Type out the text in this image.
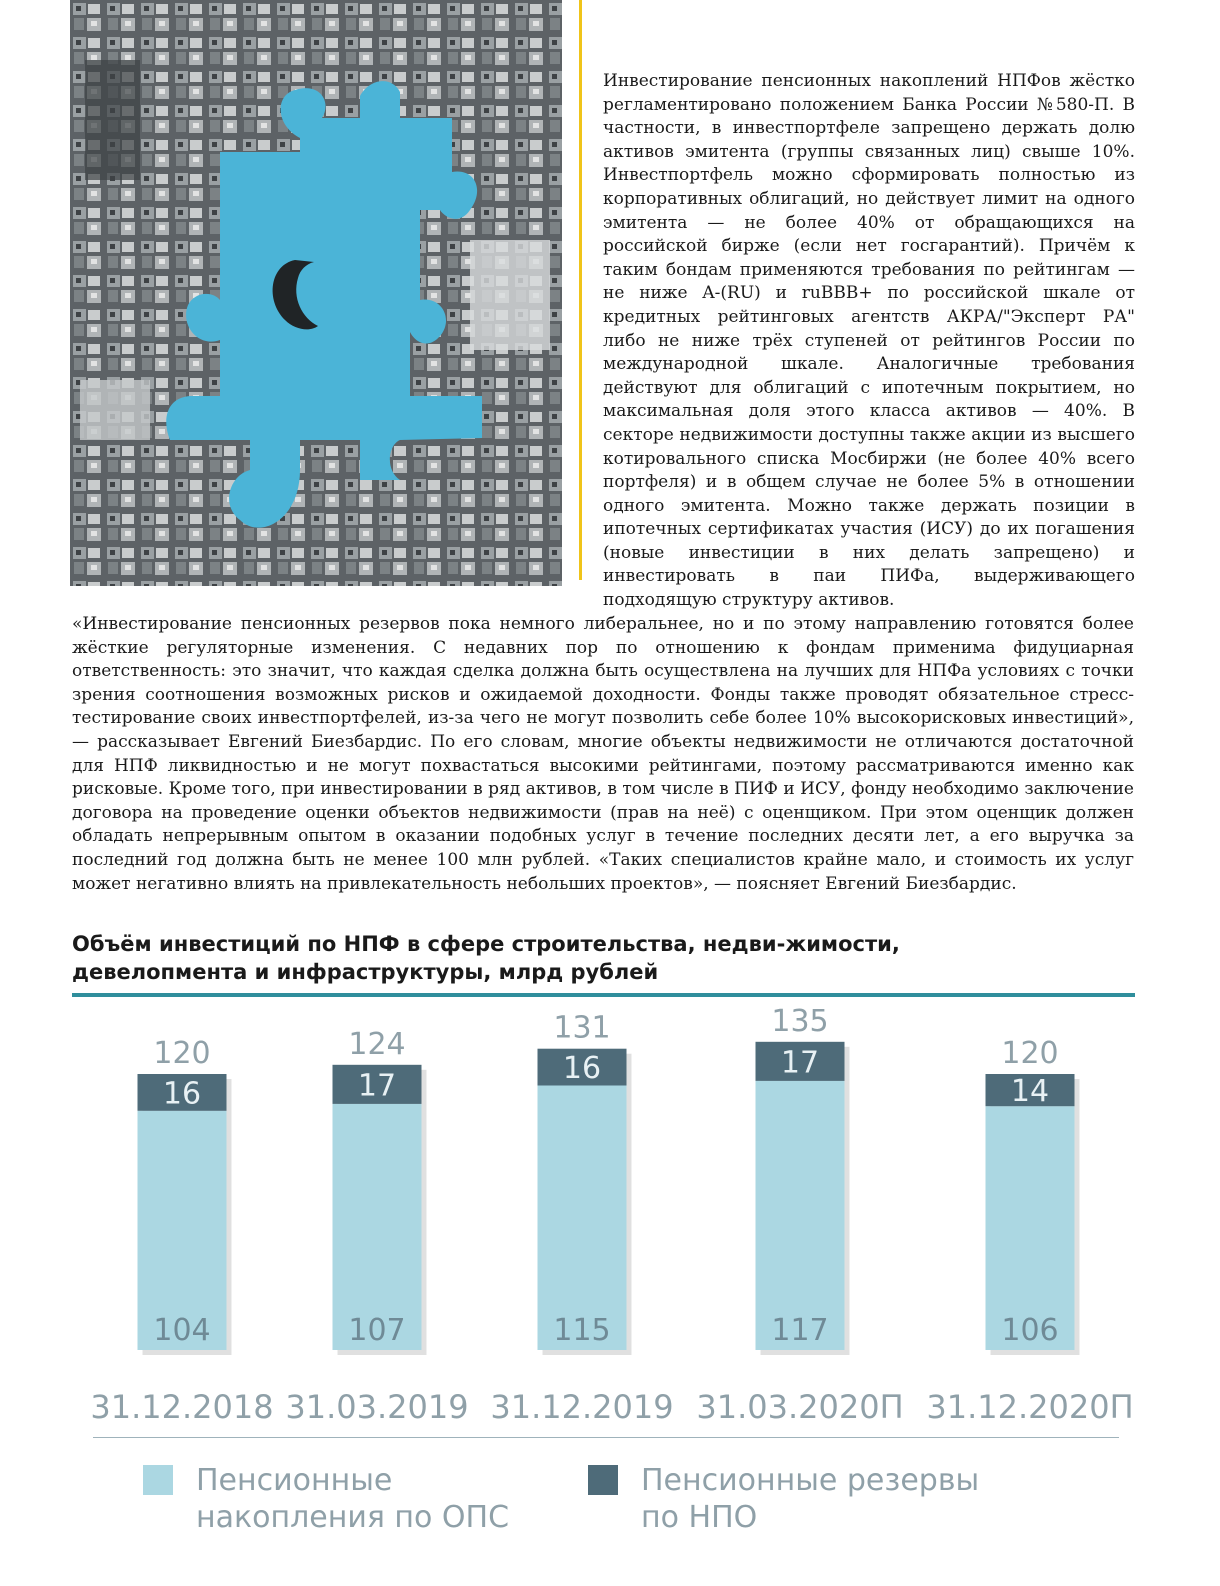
Инвестирование пенсионных накоплений НПФов жёстко регламентировано положением Банка России №580-П. В частности, в инвестпортфеле запрещено держать долю активов эмитента (группы связанных лиц) свыше 10%. Инвестпортфель можно сформировать полностью из корпоративных облигаций, но действует лимит на одного эмитента — не более 40% от обращающихся на российской бирже (если нет госгарантий). Причём к таким бондам применяются требования по рейтингам — не ниже A-(RU) и ruBBB+ по российской шкале от кредитных рейтинговых агентств АКРА/"Эксперт РА" либо не ниже трёх ступеней от рейтингов России по международной шкале. Аналогичные требования действуют для облигаций с ипотечным покрытием, но максимальная доля этого класса активов — 40%. В секторе недвижимости доступны также акции из высшего котировального списка Мосбиржи (не более 40% всего портфеля) и в общем случае не более 5% в отношении одного эмитента. Можно также держать позиции в ипотечных сертификатах участия (ИСУ) до их погашения (новые инвестиции в них делать запрещено) и инвестировать в паи ПИФа, выдерживающего подходящую структуру активов.

«Инвестирование пенсионных резервов пока немного либеральнее, но и по этому направлению готовятся более жёсткие регуляторные изменения. С недавних пор по отношению к фондам применима фидуциарная ответственность: это значит, что каждая сделка должна быть осуществлена на лучших для НПФа условиях с точки зрения соотношения возможных рисков и ожидаемой доходности. Фонды также проводят обязательное стресс-тестирование своих инвестпортфелей, из-за чего не могут позволить себе более 10% высокорисковых инвестиций», — рассказывает Евгений Биезбардис. По его словам, многие объекты недвижимости не отличаются достаточной для НПФ ликвидностью и не могут похвастаться высокими рейтингами, поэтому рассматриваются именно как рисковые. Кроме того, при инвестировании в ряд активов, в том числе в ПИФ и ИСУ, фонду необходимо заключение договора на проведение оценки объектов недвижимости (прав на неё) с оценщиком. При этом оценщик должен обладать непрерывным опытом в оказании подобных услуг в течение последних десяти лет, а его выручка за последний год должна быть не менее 100 млн рублей. «Таких специалистов крайне мало, и стоимость их услуг может негативно влиять на привлекательность небольших проектов», — поясняет Евгений Биезбардис.

Объём инвестиций по НПФ в сфере строительства, недви-жимости, девелопмента и инфраструктуры, млрд рублей
104
16
120
31.12.2018
107
17
124
31.03.2019
115
16
131
31.12.2019
117
17
135
31.03.2020П
106
14
120
31.12.2020П
Пенсионные накопления по ОПС
Пенсионные резервы по НПО
